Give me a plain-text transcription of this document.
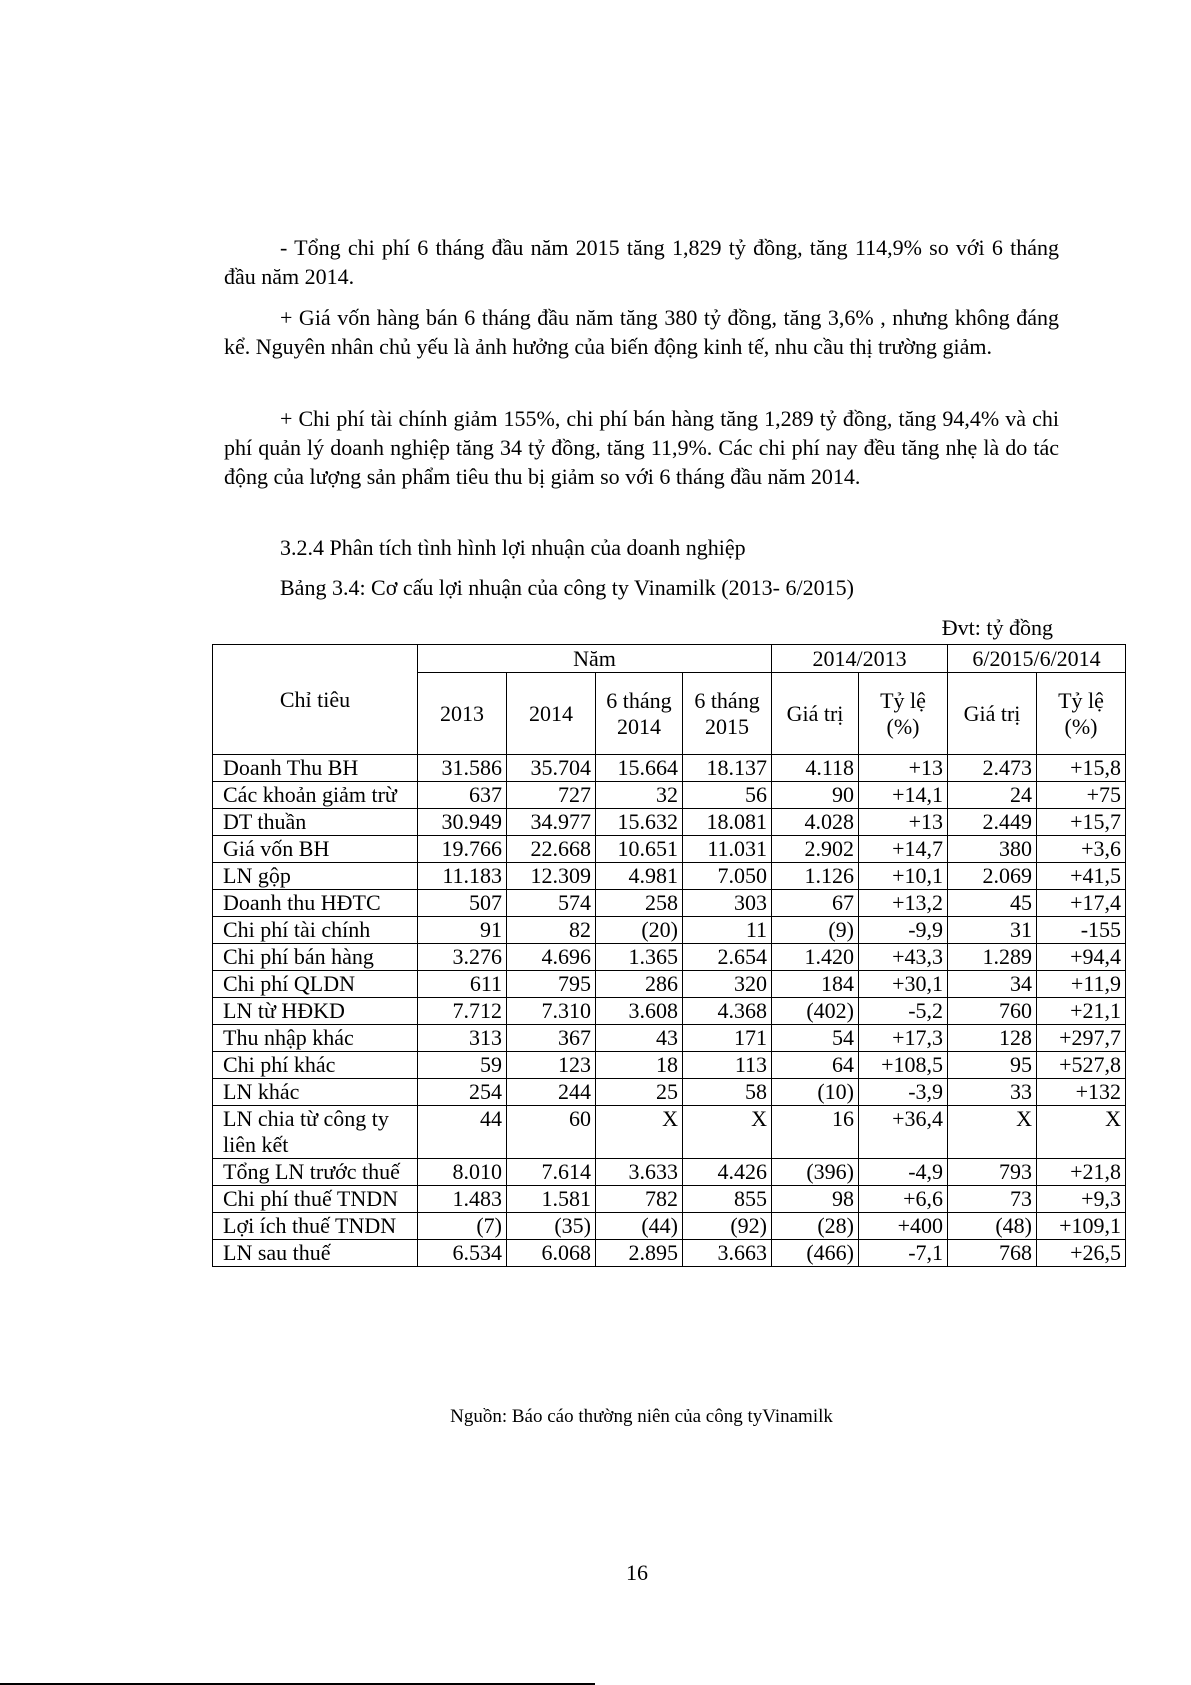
- Tổng chi phí 6 tháng đầu năm 2015 tăng 1,829 tỷ đồng, tăng 114,9% so với 6 tháng đầu năm 2014.

+ Giá vốn hàng bán 6 tháng đầu năm tăng 380 tỷ đồng, tăng 3,6% , nhưng không đáng kể. Nguyên nhân chủ yếu là ảnh hưởng của biến động kinh tế, nhu cầu thị trường giảm.

+ Chi phí tài chính giảm 155%, chi phí bán hàng tăng 1,289 tỷ đồng, tăng 94,4% và chi phí quản lý doanh nghiệp tăng 34 tỷ đồng, tăng 11,9%. Các chi phí nay đều tăng nhẹ là do tác động của lượng sản phẩm tiêu thu bị giảm so với 6 tháng đầu năm 2014.

3.2.4 Phân tích tình hình lợi nhuận của doanh nghiệp

Bảng 3.4: Cơ cấu lợi nhuận của công ty Vinamilk (2013- 6/2015)

Đvt: tỷ đồng
Chỉ tiêu	Năm				2014/2013		6/2015/6/2014	
	2013	2014	6 tháng 2014	6 tháng 2015	Giá trị	Tỷ lệ (%)	Giá trị	Tỷ lệ (%)
Doanh Thu BH	31.586	35.704	15.664	18.137	4.118	+13	2.473	+15,8
Các khoản giảm trừ	637	727	32	56	90	+14,1	24	+75
DT thuần	30.949	34.977	15.632	18.081	4.028	+13	2.449	+15,7
Giá vốn BH	19.766	22.668	10.651	11.031	2.902	+14,7	380	+3,6
LN gộp	11.183	12.309	4.981	7.050	1.126	+10,1	2.069	+41,5
Doanh thu HĐTC	507	574	258	303	67	+13,2	45	+17,4
Chi phí tài chính	91	82	(20)	11	(9)	-9,9	31	-155
Chi phí bán hàng	3.276	4.696	1.365	2.654	1.420	+43,3	1.289	+94,4
Chi phí QLDN	611	795	286	320	184	+30,1	34	+11,9
LN từ HĐKD	7.712	7.310	3.608	4.368	(402)	-5,2	760	+21,1
Thu nhập khác	313	367	43	171	54	+17,3	128	+297,7
Chi phí khác	59	123	18	113	64	+108,5	95	+527,8
LN khác	254	244	25	58	(10)	-3,9	33	+132
LN chia từ công ty liên kết	44	60	X	X	16	+36,4	X	X
Tổng LN trước thuế	8.010	7.614	3.633	4.426	(396)	-4,9	793	+21,8
Chi phí thuế TNDN	1.483	1.581	782	855	98	+6,6	73	+9,3
Lợi ích thuế TNDN	(7)	(35)	(44)	(92)	(28)	+400	(48)	+109,1
LN sau thuế	6.534	6.068	2.895	3.663	(466)	-7,1	768	+26,5
Nguồn: Báo cáo thường niên của công tyVinamilk
16
